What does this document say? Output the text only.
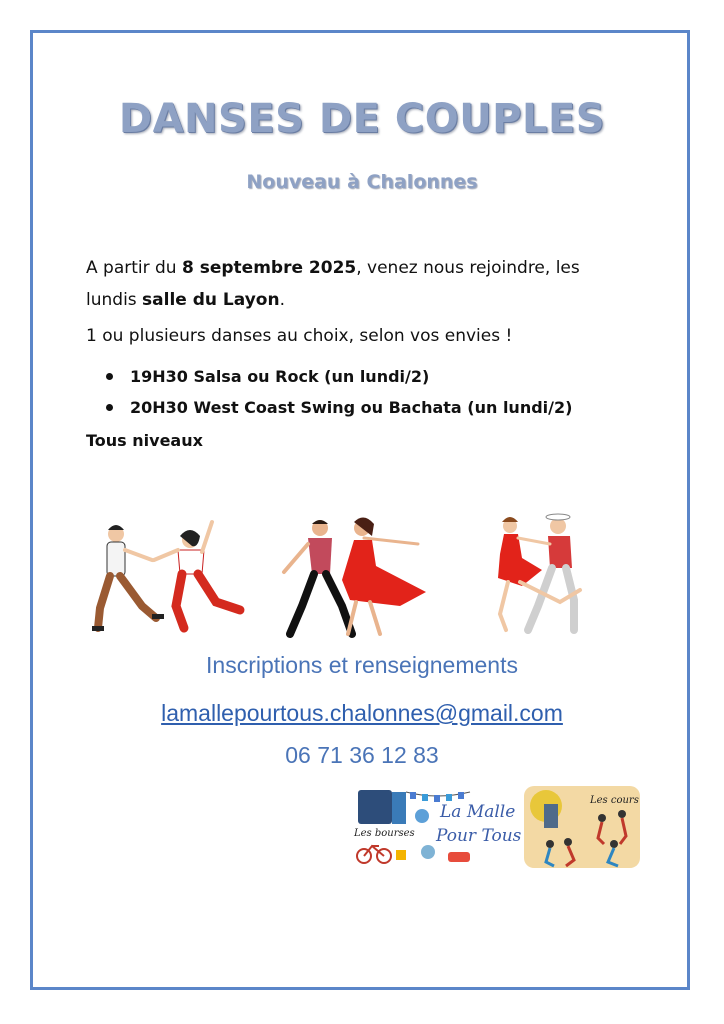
DANSES DE COUPLES
Nouveau à Chalonnes
A partir du 8 septembre 2025, venez nous rejoindre, les
lundis salle du Layon.
1 ou plusieurs danses au choix, selon vos envies !
19H30 Salsa ou Rock (un lundi/2)
20H30 West Coast Swing ou Bachata (un lundi/2)
Tous niveaux
Inscriptions et renseignements
lamallepourtous.chalonnes@gmail.com
06 71 36 12 83
La Malle
Pour Tous
Les bourses
Les cours
